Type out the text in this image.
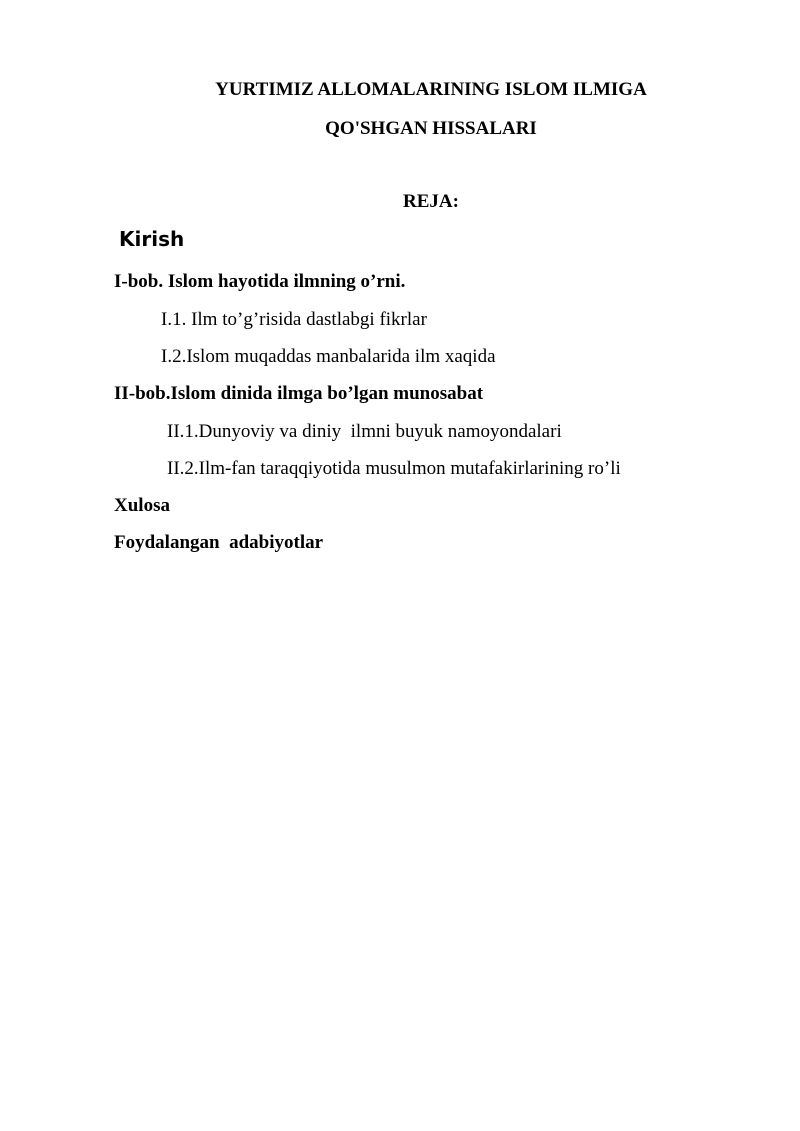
YURTIMIZ ALLOMALARINING ISLOM ILMIGA
QO'SHGAN HISSALARI
REJA:
Kirish
I-bob. Islom hayotida ilmning o’rni.
I.1. Ilm to’g’risida dastlabgi fikrlar
I.2.Islom muqaddas manbalarida ilm xaqida
II-bob.Islom dinida ilmga bo’lgan munosabat
II.1.Dunyoviy va diniy  ilmni buyuk namoyondalari
II.2.Ilm-fan taraqqiyotida musulmon mutafakirlarining ro’li
Xulosa
Foydalangan  adabiyotlar
